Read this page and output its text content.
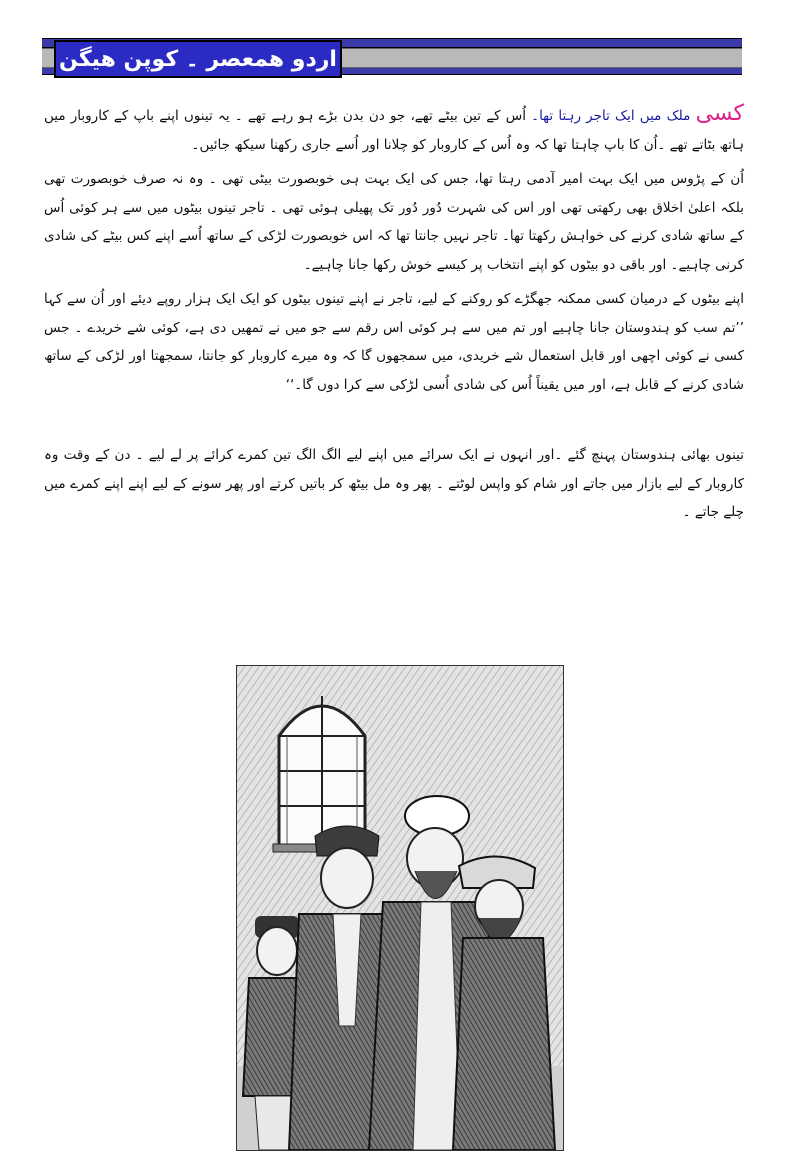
اردو ھمعصر ۔ کوپن ھیگن

کسی ملک میں ایک تاجر رہتا تھا۔ اُس کے تین بیٹے تھے، جو دن بدن بڑے ہو رہے تھے ۔ یہ تینوں اپنے باپ کے کاروبار میں ہاتھ بٹاتے تھے ۔اُن کا باپ چاہتا تھا کہ وہ اُس کے کاروبار کو چلانا اور اُسے جاری رکھنا سیکھ جائیں۔

اُن کے پڑوس میں ایک بہت امیر آدمی رہتا تھا، جس کی ایک بہت ہی خوبصورت بیٹی تھی ۔ وہ نہ صرف خوبصورت تھی بلکہ اعلیٰ اخلاق بھی رکھتی تھی اور اس کی شہرت دُور دُور تک پھیلی ہوئی تھی ۔ تاجر تینوں بیٹوں میں سے ہر کوئی اُس کے ساتھ شادی کرنے کی خواہش رکھتا تھا۔ تاجر نہیں جانتا تھا کہ اس خوبصورت لڑکی کے ساتھ اُسے اپنے کس بیٹے کی شادی کرنی چاہیے۔ اور باقی دو بیٹوں کو اپنے انتخاب پر کیسے خوش رکھا جانا چاہیے۔

اپنے بیٹوں کے درمیان کسی ممکنہ جھگڑے کو روکنے کے لیے، تاجر نے اپنے تینوں بیٹوں کو ایک ایک ہزار روپے دیئے اور اُن سے کہا ’’تم سب کو ہندوستان جانا چاہیے اور تم میں سے ہر کوئی اس رقم سے جو میں نے تمھیں دی ہے، کوئی شے خریدے ۔ جس کسی نے کوئی اچھی اور قابل استعمال شے خریدی، میں سمجھوں گا کہ وہ میرے کاروبار کو جانتا، سمجھتا اور لڑکی کے ساتھ شادی کرنے کے قابل ہے، اور میں یقیناً اُس کی شادی اُسی لڑکی سے کرا دوں گا۔‘‘

تینوں بھائی ہندوستان پہنچ گئے ۔اور انہوں نے ایک سرائے میں اپنے لیے الگ الگ تین کمرے کرائے پر لے لیے ۔ دن کے وقت وہ کاروبار کے لیے بازار میں جاتے اور شام کو واپس لوٹتے ۔ پھر وہ مل بیٹھ کر باتیں کرتے اور پھر سونے کے لیے اپنے اپنے کمرے میں چلے جاتے ۔
